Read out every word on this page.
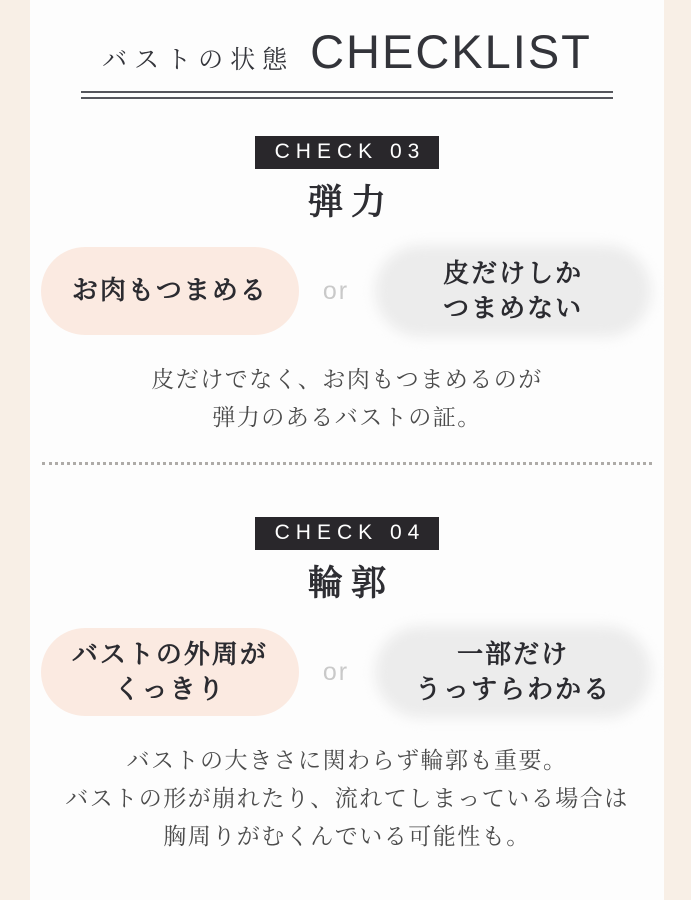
バストの状態 CHECKLIST
CHECK 03
弾力
お肉もつまめる or
皮だけしか
つまめない
皮だけでなく、お肉もつまめるのが
弾力のあるバストの証。
CHECK 04
輪郭
バストの外周が
くっきり
or
一部だけ
うっすらわかる
バストの大きさに関わらず輪郭も重要。
バストの形が崩れたり、流れてしまっている場合は
胸周りがむくんでいる可能性も。
